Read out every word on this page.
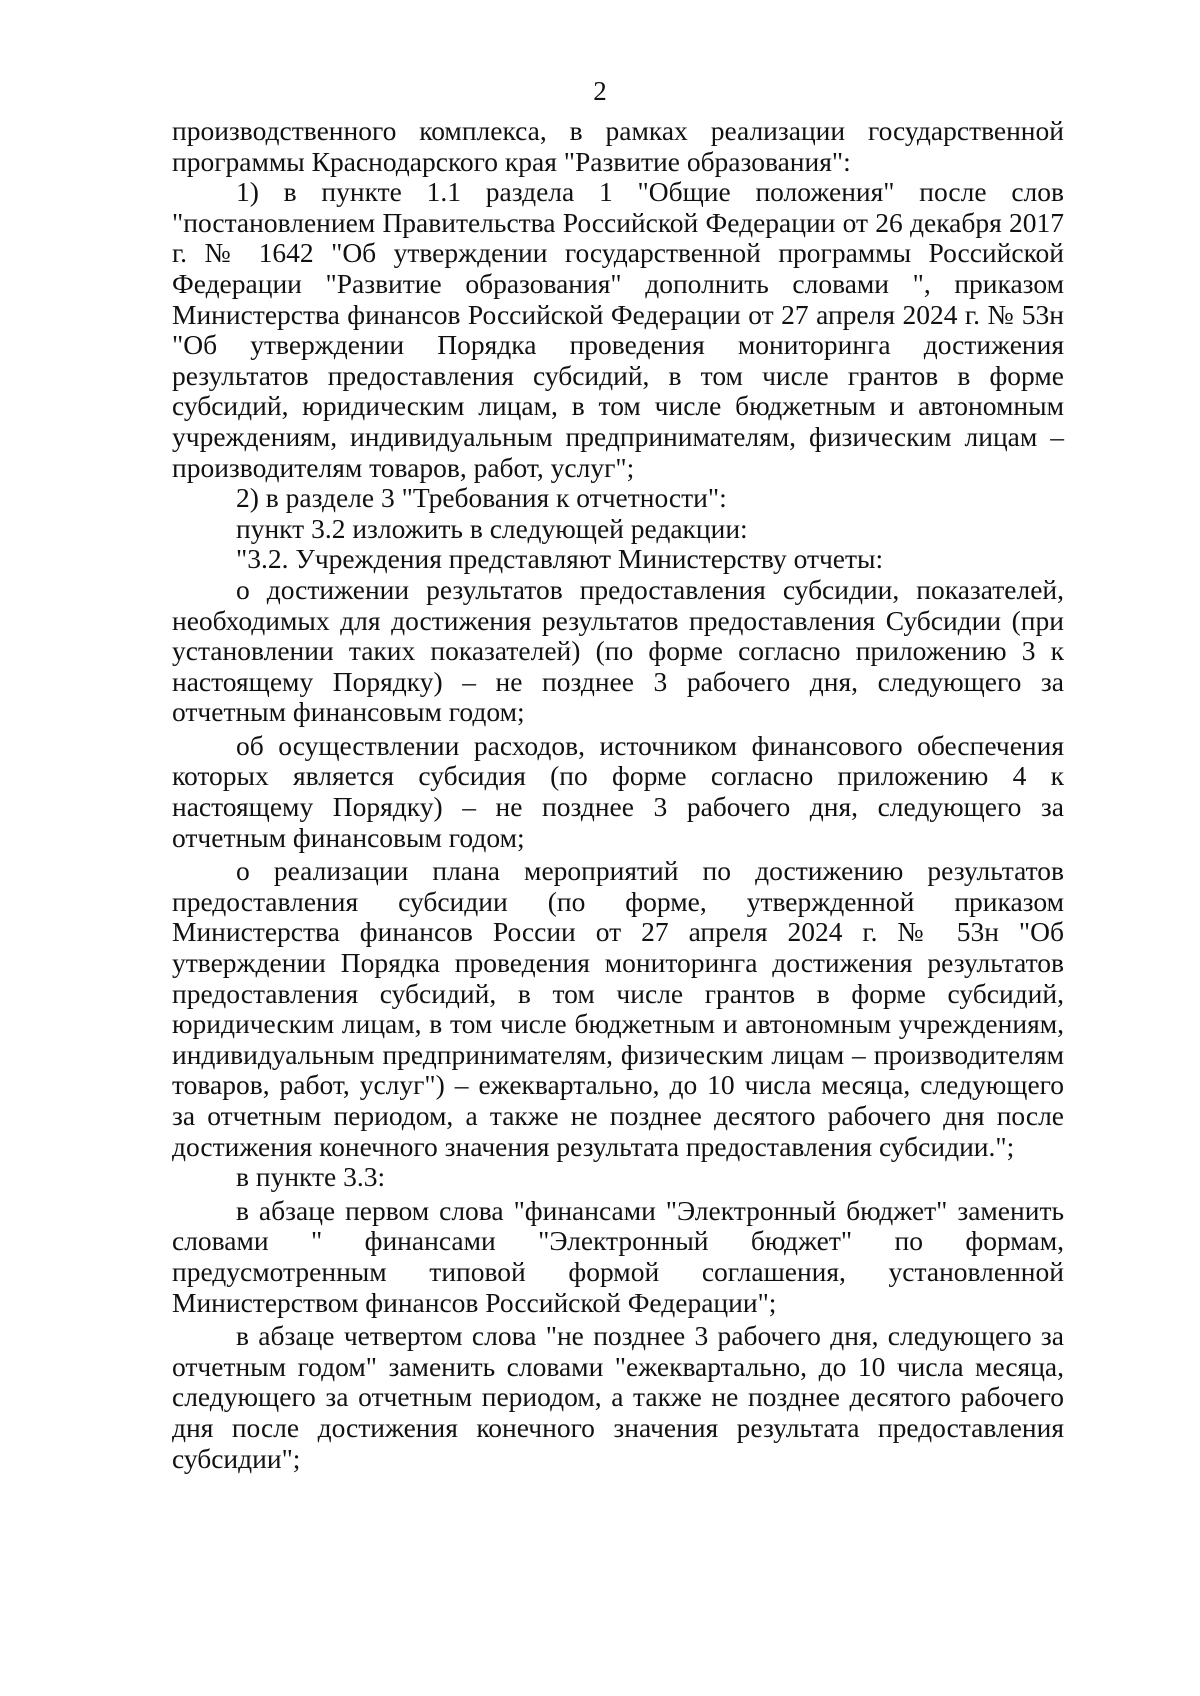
2

производственного комплекса, в рамках реализации государственной программы Краснодарского края "Развитие образования":

1) в пункте 1.1 раздела 1 "Общие положения" после слов "постановлением Правительства Российской Федерации от 26 декабря 2017 г. № 1642 "Об утверждении государственной программы Российской Федерации "Развитие образования" дополнить словами ", приказом Министерства финансов Российской Федерации от 27 апреля 2024 г. № 53н "Об утверждении Порядка проведения мониторинга достижения результатов предоставления субсидий, в том числе грантов в форме субсидий, юридическим лицам, в том числе бюджетным и автономным учреждениям, индивидуальным предпринимателям, физическим лицам – производителям товаров, работ, услуг";

2) в разделе 3 "Требования к отчетности":

пункт 3.2 изложить в следующей редакции:

"3.2. Учреждения представляют Министерству отчеты:

о достижении результатов предоставления субсидии, показателей, необходимых для достижения результатов предоставления Субсидии (при установлении таких показателей) (по форме согласно приложению 3 к настоящему Порядку) – не позднее 3 рабочего дня, следующего за отчетным финансовым годом;

об осуществлении расходов, источником финансового обеспечения которых является субсидия (по форме согласно приложению 4 к настоящему Порядку) – не позднее 3 рабочего дня, следующего за отчетным финансовым годом;

о реализации плана мероприятий по достижению результатов предоставления субсидии (по форме, утвержденной приказом Министерства финансов России от 27 апреля 2024 г. № 53н "Об утверждении Порядка проведения мониторинга достижения результатов предоставления субсидий, в том числе грантов в форме субсидий, юридическим лицам, в том числе бюджетным и автономным учреждениям, индивидуальным предпринимателям, физическим лицам – производителям товаров, работ, услуг") – ежеквартально, до 10 числа месяца, следующего за отчетным периодом, а также не позднее десятого рабочего дня после достижения конечного значения результата предоставления субсидии.";

в пункте 3.3:

в абзаце первом слова "финансами "Электронный бюджет" заменить словами " финансами "Электронный бюджет" по формам, предусмотренным типовой формой соглашения, установленной Министерством финансов Российской Федерации";

в абзаце четвертом слова "не позднее 3 рабочего дня, следующего за отчетным годом" заменить словами "ежеквартально, до 10 числа месяца, следующего за отчетным периодом, а также не позднее десятого рабочего дня после достижения конечного значения результата предоставления субсидии";
